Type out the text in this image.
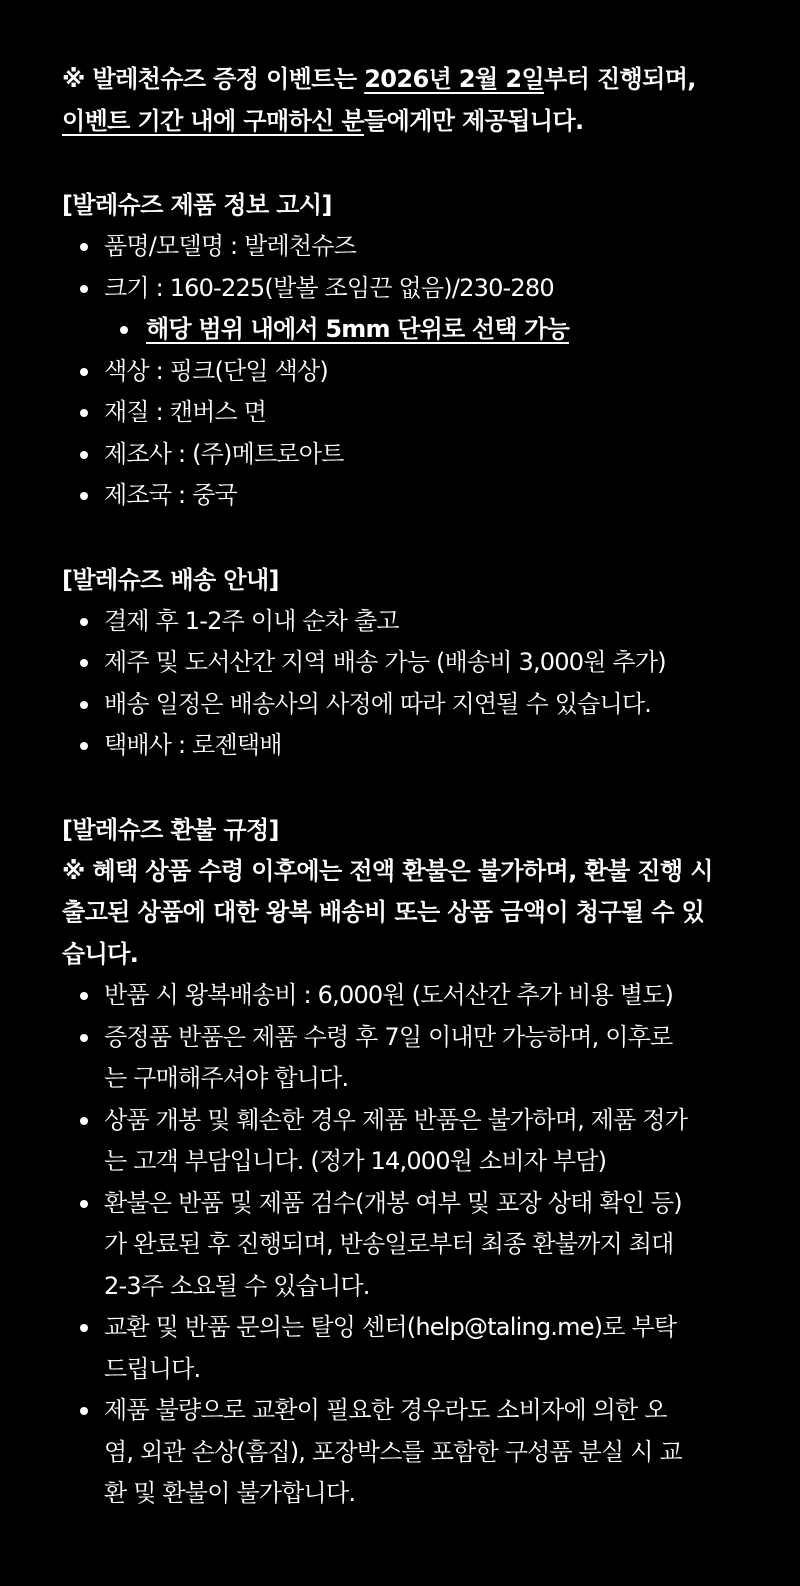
※ 발레천슈즈 증정 이벤트는 2026년 2월 2일부터 진행되며,
이벤트 기간 내에 구매하신 분들에게만 제공됩니다.
[발레슈즈 제품 정보 고시]
품명/모델명 : 발레천슈즈
크기 : 160-225(발볼 조임끈 없음)/230-280
해당 범위 내에서 5mm 단위로 선택 가능
색상 : 핑크(단일 색상)
재질 : 캔버스 면
제조사 : (주)메트로아트
제조국 : 중국
[발레슈즈 배송 안내]
결제 후 1-2주 이내 순차 출고
제주 및 도서산간 지역 배송 가능 (배송비 3,000원 추가)
배송 일정은 배송사의 사정에 따라 지연될 수 있습니다.
택배사 : 로젠택배
[발레슈즈 환불 규정]
※ 혜택 상품 수령 이후에는 전액 환불은 불가하며, 환불 진행 시
출고된 상품에 대한 왕복 배송비 또는 상품 금액이 청구될 수 있
습니다.
반품 시 왕복배송비 : 6,000원 (도서산간 추가 비용 별도)
증정품 반품은 제품 수령 후 7일 이내만 가능하며, 이후로
는 구매해주셔야 합니다.
상품 개봉 및 훼손한 경우 제품 반품은 불가하며, 제품 정가
는 고객 부담입니다. (정가 14,000원 소비자 부담)
환불은 반품 및 제품 검수(개봉 여부 및 포장 상태 확인 등)
가 완료된 후 진행되며, 반송일로부터 최종 환불까지 최대
2-3주 소요될 수 있습니다.
교환 및 반품 문의는 탈잉 센터(help@taling.me)로 부탁
드립니다.
제품 불량으로 교환이 필요한 경우라도 소비자에 의한 오
염, 외관 손상(흠집), 포장박스를 포함한 구성품 분실 시 교
환 및 환불이 불가합니다.
